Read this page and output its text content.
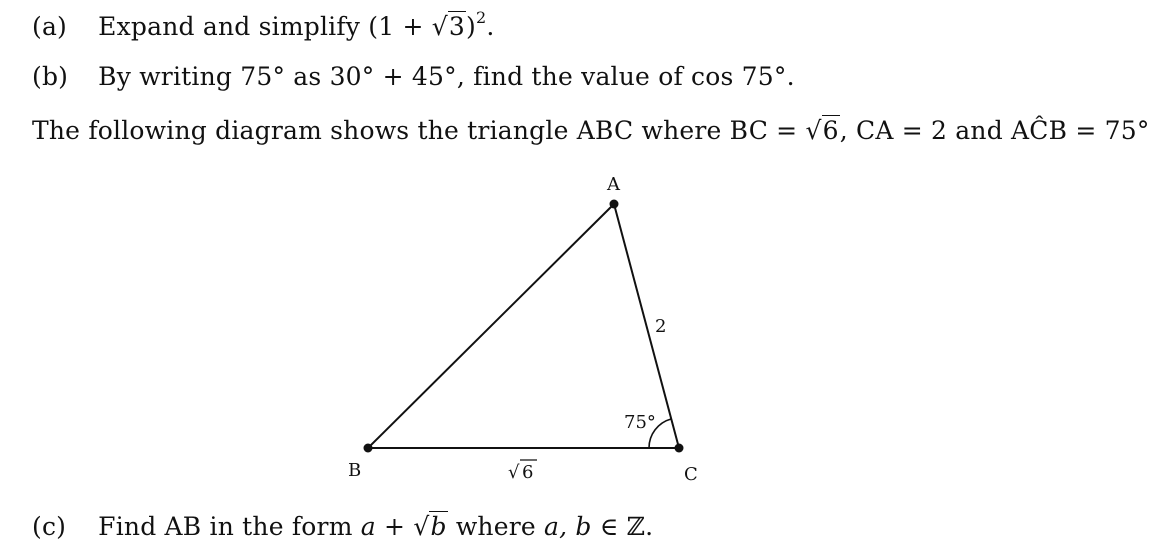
(a) Expand and simplify $(1 + √3)^2$.
(b) By writing 75° as 30° + 45°, find the value of cos 75°.
The following diagram shows the triangle ABC where BC = √6, CA = 2 and AĈB = 75°
A
B	C
2
75°
√ 6
(c) Find AB in the form a + √b where a, b ∈ ℤ.
